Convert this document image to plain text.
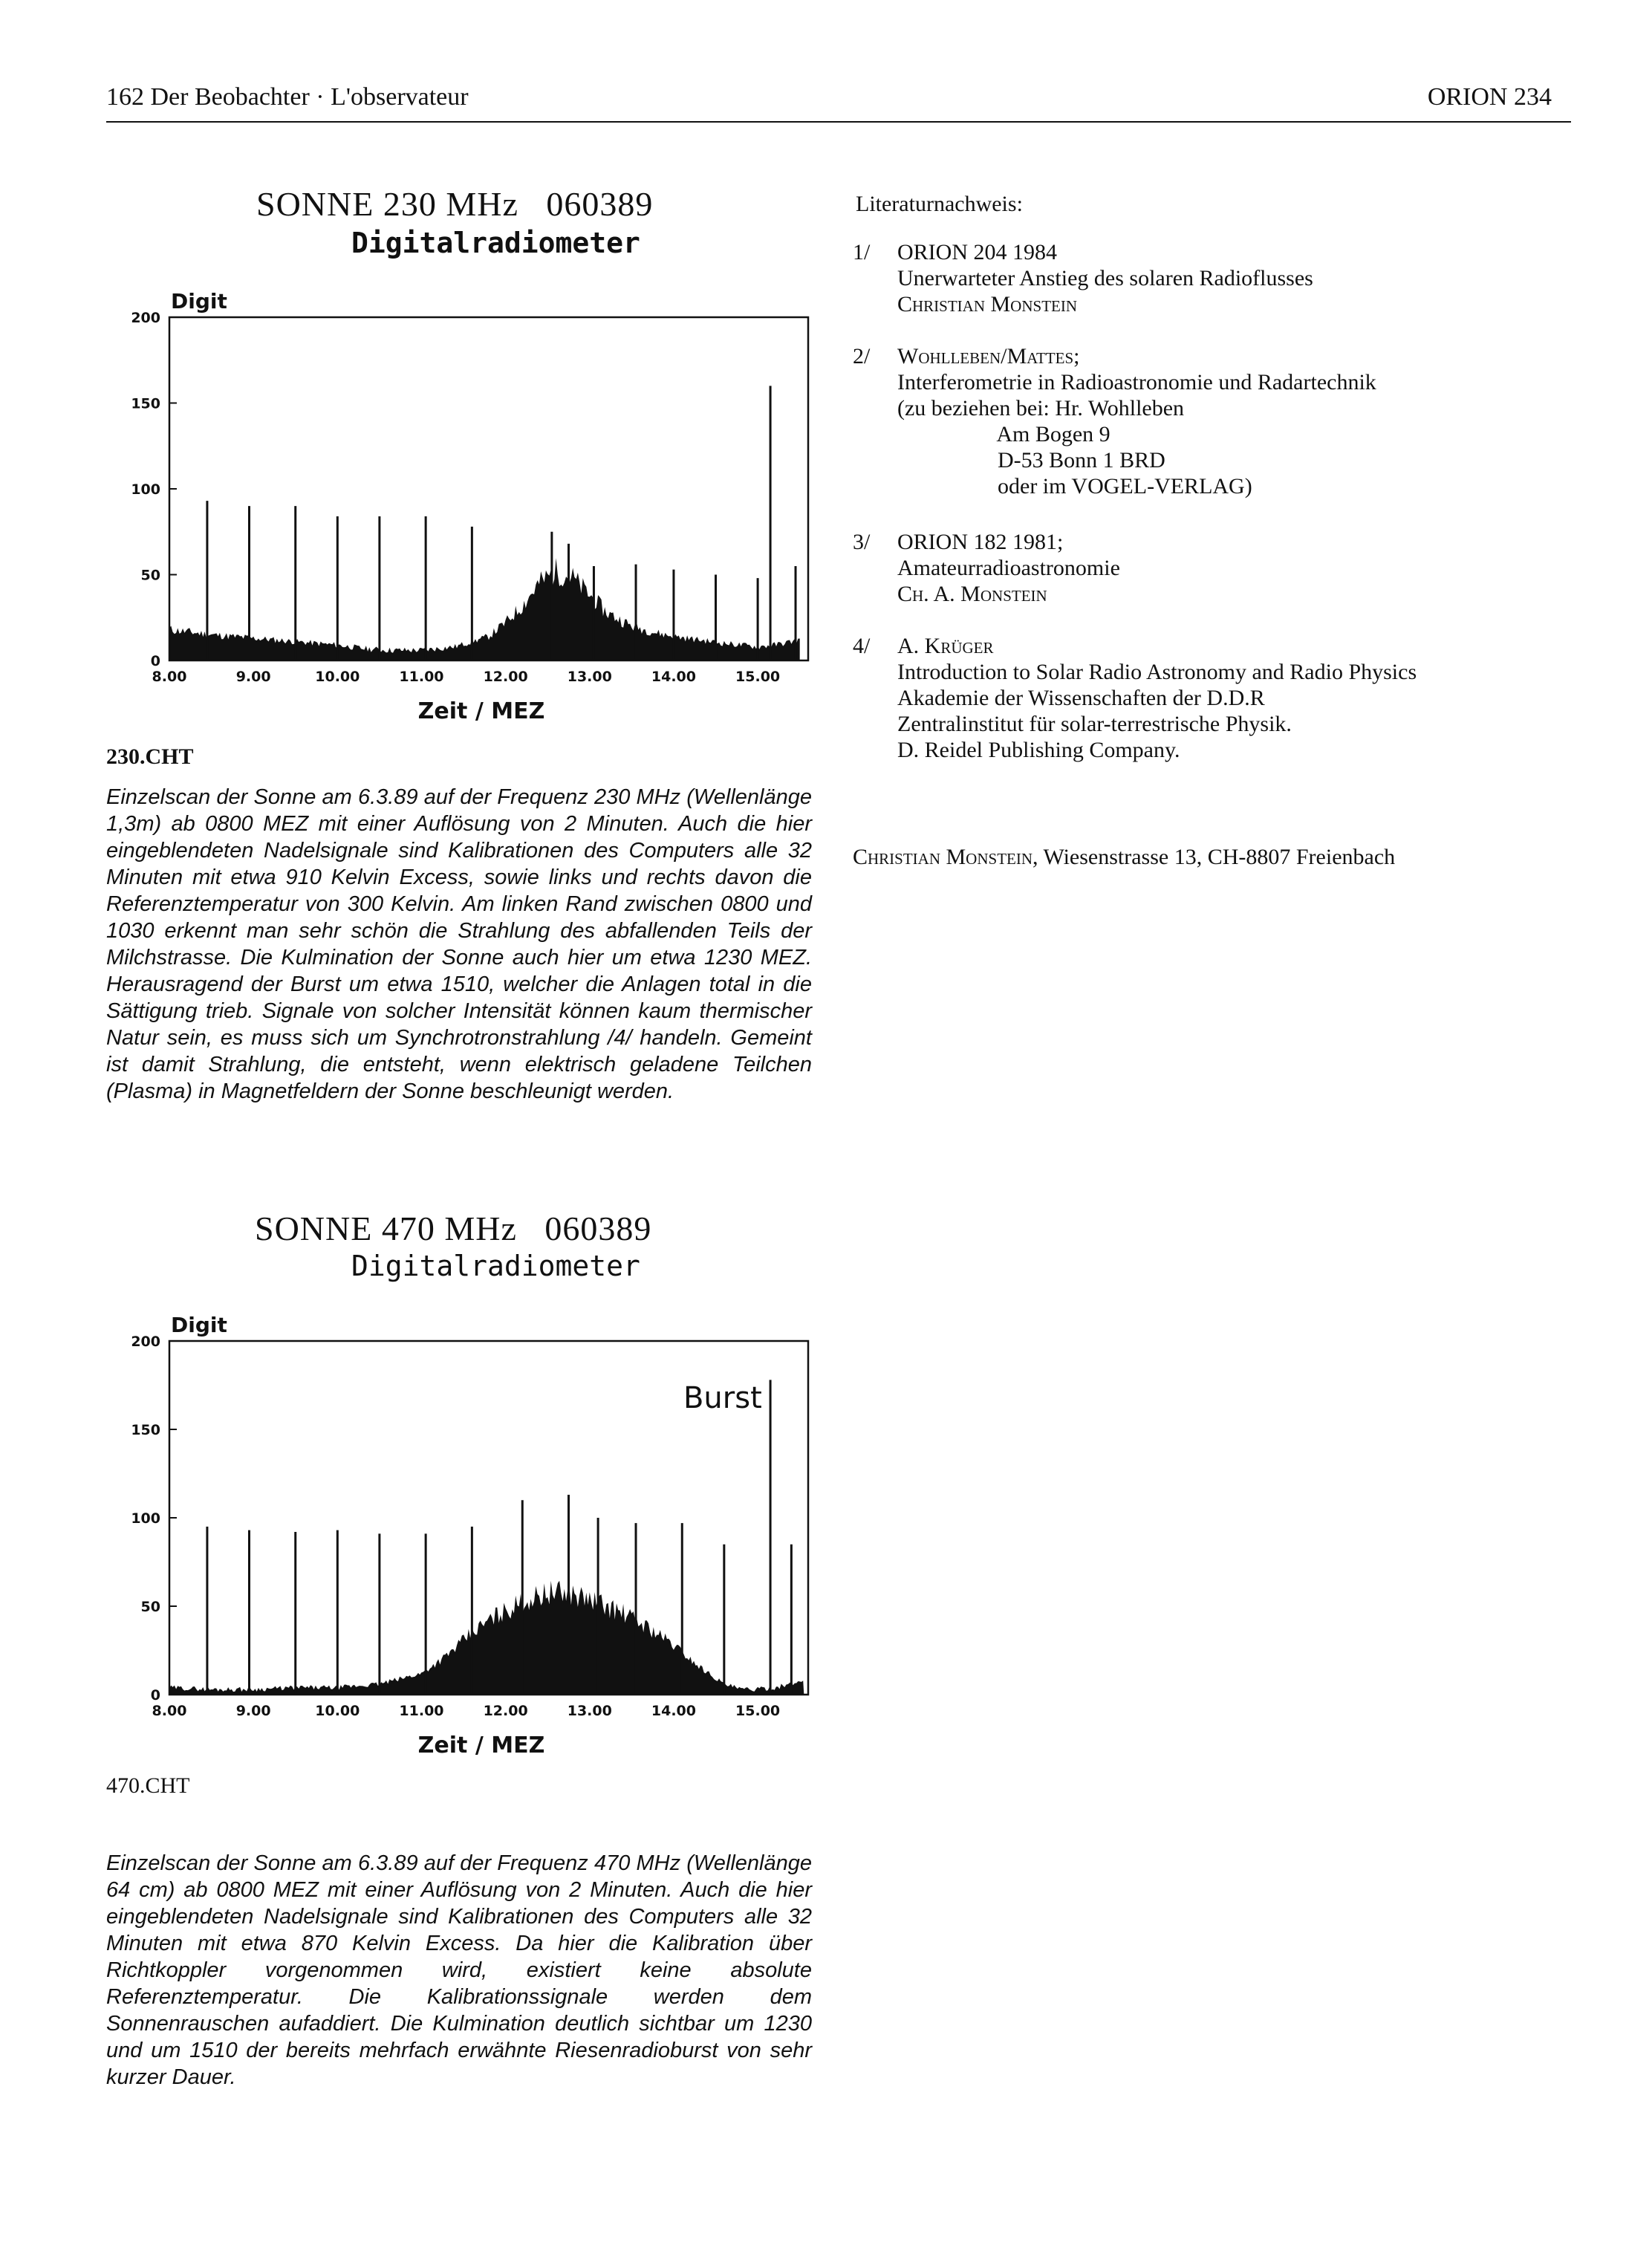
162 Der Beobachter · L'observateur	ORION 234
SONNE 230 MHz   060389
Digitalradiometer
200
150
100
50
0
8.00	9.00	10.00	11.00	12.00	13.00	14.00	15.00
Digit
Zeit / MEZ
230.CHT
Einzelscan der Sonne am 6.3.89 auf der Frequenz 230 MHz (Wellenlänge 1,3m) ab 0800 MEZ mit einer Auflösung von 2 Minuten. Auch die hier eingeblendeten Nadelsignale sind Kalibrationen des Computers alle 32 Minuten mit etwa 910 Kelvin Excess, sowie links und rechts davon die Referenztemperatur von 300 Kelvin. Am linken Rand zwischen 0800 und 1030 erkennt man sehr schön die Strahlung des abfallenden Teils der Milchstrasse. Die Kulmination der Sonne auch hier um etwa 1230 MEZ. Herausragend der Burst um etwa 1510, welcher die Anlagen total in die Sättigung trieb. Signale von solcher Intensität können kaum thermischer Natur sein, es muss sich um Synchrotronstrahlung /4/ handeln. Gemeint ist damit Strahlung, die entsteht, wenn elektrisch geladene Teilchen (Plasma) in Magnetfeldern der Sonne beschleunigt werden.
SONNE 470 MHz   060389
Digitalradiometer
200
150
100
50
0
8.00	9.00	10.00	11.00	12.00	13.00	14.00	15.00
Digit
Zeit / MEZ
Burst
470.CHT
Einzelscan der Sonne am 6.3.89 auf der Frequenz 470 MHz (Wellenlänge 64 cm) ab 0800 MEZ mit einer Auflösung von 2 Minuten. Auch die hier eingeblendeten Nadelsignale sind Kalibrationen des Computers alle 32 Minuten mit etwa 870 Kelvin Excess. Da hier die Kalibration über Richtkoppler vorgenommen wird, existiert keine absolute Referenztemperatur. Die Kalibrationssignale werden dem Sonnenrauschen aufaddiert. Die Kulmination deutlich sichtbar um 1230 und um 1510 der bereits mehrfach erwähnte Riesenradioburst von sehr kurzer Dauer.
Literaturnachweis:
1/ ORION 204 1984
Unerwarteter Anstieg des solaren Radioflusses
Christian Monstein
2/ Wohlleben/Mattes;
Interferometrie in Radioastronomie und Radartechnik
(zu beziehen bei: Hr. Wohlleben
Am Bogen 9
D-53 Bonn 1 BRD
oder im VOGEL-VERLAG)
3/ ORION 182 1981;
Amateurradioastronomie
Ch. A. Monstein
4/ A. Krüger
Introduction to Solar Radio Astronomy and Radio Physics
Akademie der Wissenschaften der D.D.R
Zentralinstitut für solar-terrestrische Physik.
D. Reidel Publishing Company.
Christian Monstein, Wiesenstrasse 13, CH-8807 Freienbach
